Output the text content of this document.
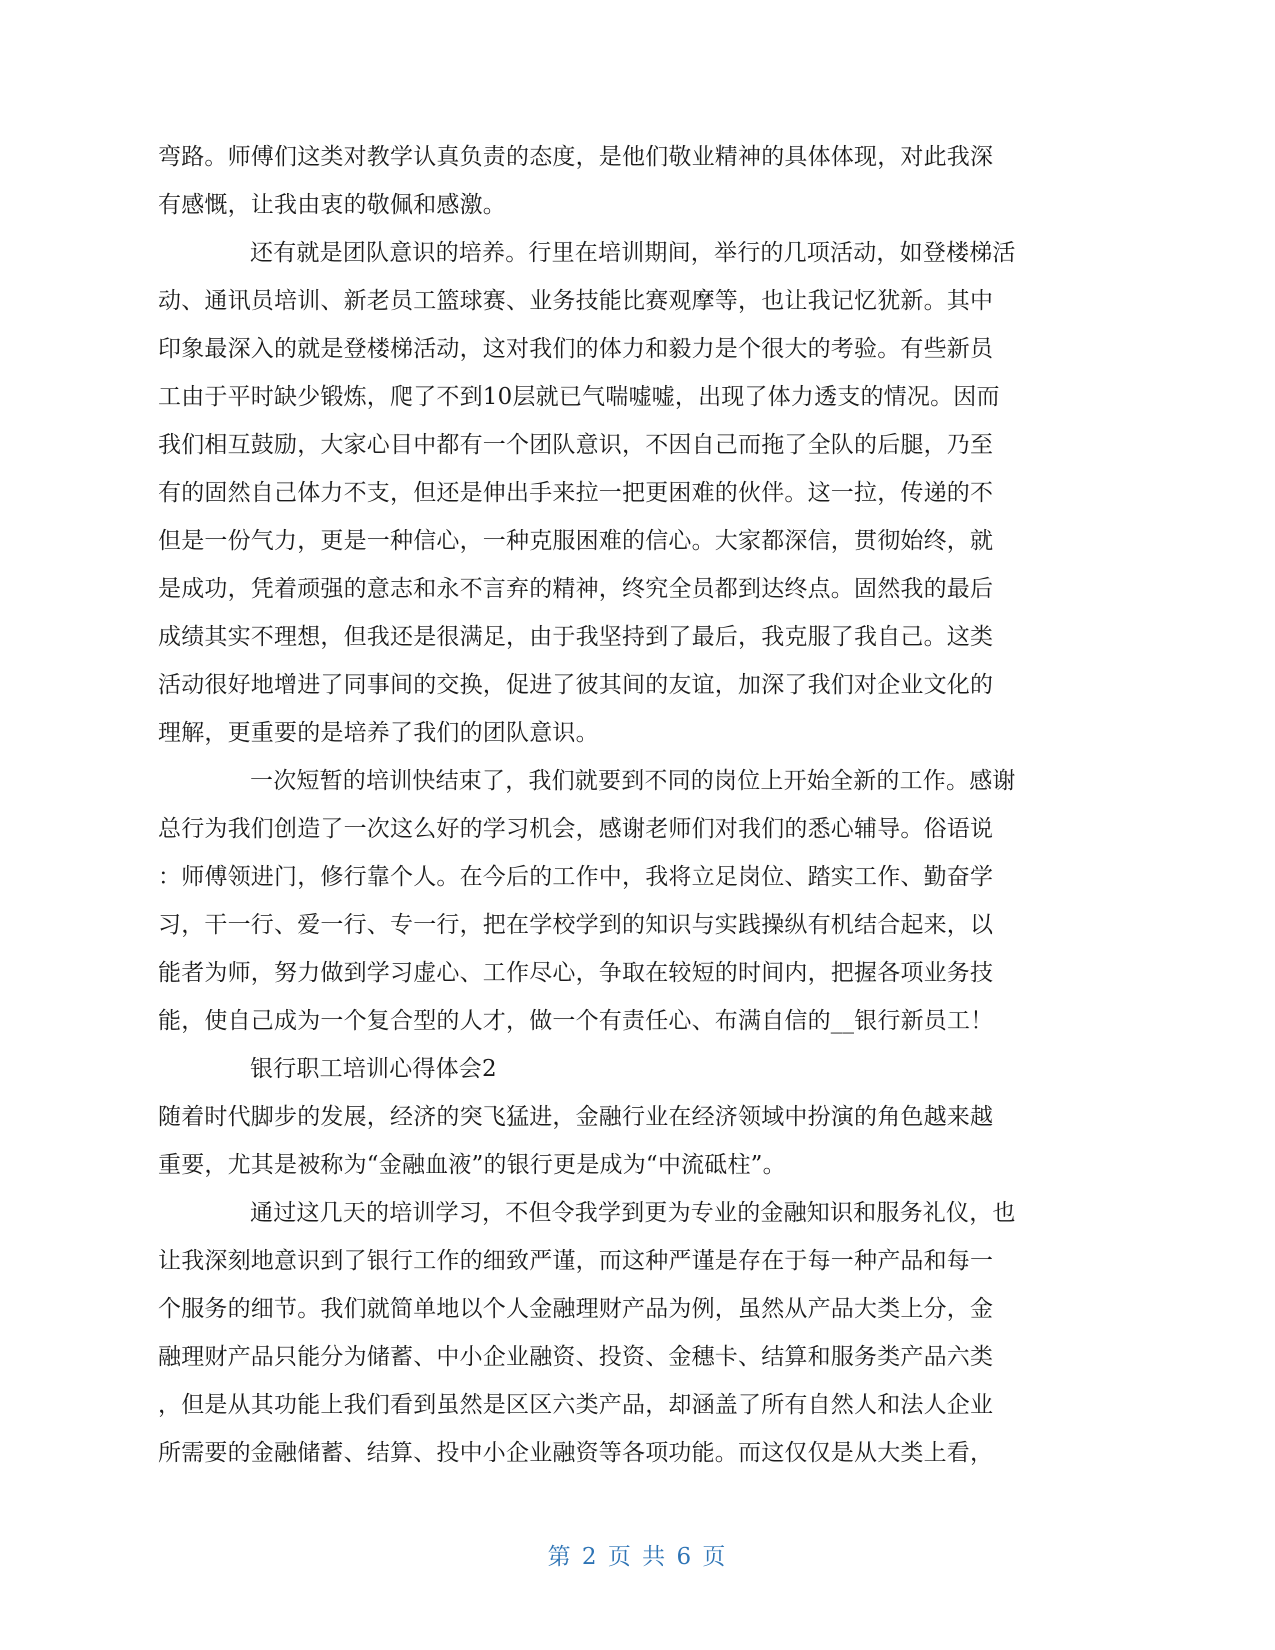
弯路。师傅们这类对教学认真负责的态度，是他们敬业精神的具体体现，对此我深
有感慨，让我由衷的敬佩和感激。
还有就是团队意识的培养。行里在培训期间，举行的几项活动，如登楼梯活
动、通讯员培训、新老员工篮球赛、业务技能比赛观摩等，也让我记忆犹新。其中
印象最深入的就是登楼梯活动，这对我们的体力和毅力是个很大的考验。有些新员
工由于平时缺少锻炼，爬了不到10层就已气喘嘘嘘，出现了体力透支的情况。因而
我们相互鼓励，大家心目中都有一个团队意识，不因自己而拖了全队的后腿，乃至
有的固然自己体力不支，但还是伸出手来拉一把更困难的伙伴。这一拉，传递的不
但是一份气力，更是一种信心，一种克服困难的信心。大家都深信，贯彻始终，就
是成功，凭着顽强的意志和永不言弃的精神，终究全员都到达终点。固然我的最后
成绩其实不理想，但我还是很满足，由于我坚持到了最后，我克服了我自己。这类
活动很好地增进了同事间的交换，促进了彼其间的友谊，加深了我们对企业文化的
理解，更重要的是培养了我们的团队意识。
一次短暂的培训快结束了，我们就要到不同的岗位上开始全新的工作。感谢
总行为我们创造了一次这么好的学习机会，感谢老师们对我们的悉心辅导。俗语说
：师傅领进门，修行靠个人。在今后的工作中，我将立足岗位、踏实工作、勤奋学
习，干一行、爱一行、专一行，把在学校学到的知识与实践操纵有机结合起来，以
能者为师，努力做到学习虚心、工作尽心，争取在较短的时间内，把握各项业务技
能，使自己成为一个复合型的人才，做一个有责任心、布满自信的__银行新员工！
银行职工培训心得体会2
随着时代脚步的发展，经济的突飞猛进，金融行业在经济领域中扮演的角色越来越
重要，尤其是被称为“金融血液”的银行更是成为“中流砥柱”。
通过这几天的培训学习，不但令我学到更为专业的金融知识和服务礼仪，也
让我深刻地意识到了银行工作的细致严谨，而这种严谨是存在于每一种产品和每一
个服务的细节。我们就简单地以个人金融理财产品为例，虽然从产品大类上分，金
融理财产品只能分为储蓄、中小企业融资、投资、金穗卡、结算和服务类产品六类
，但是从其功能上我们看到虽然是区区六类产品，却涵盖了所有自然人和法人企业
所需要的金融储蓄、结算、投中小企业融资等各项功能。而这仅仅是从大类上看，
第 2 页 共 6 页
